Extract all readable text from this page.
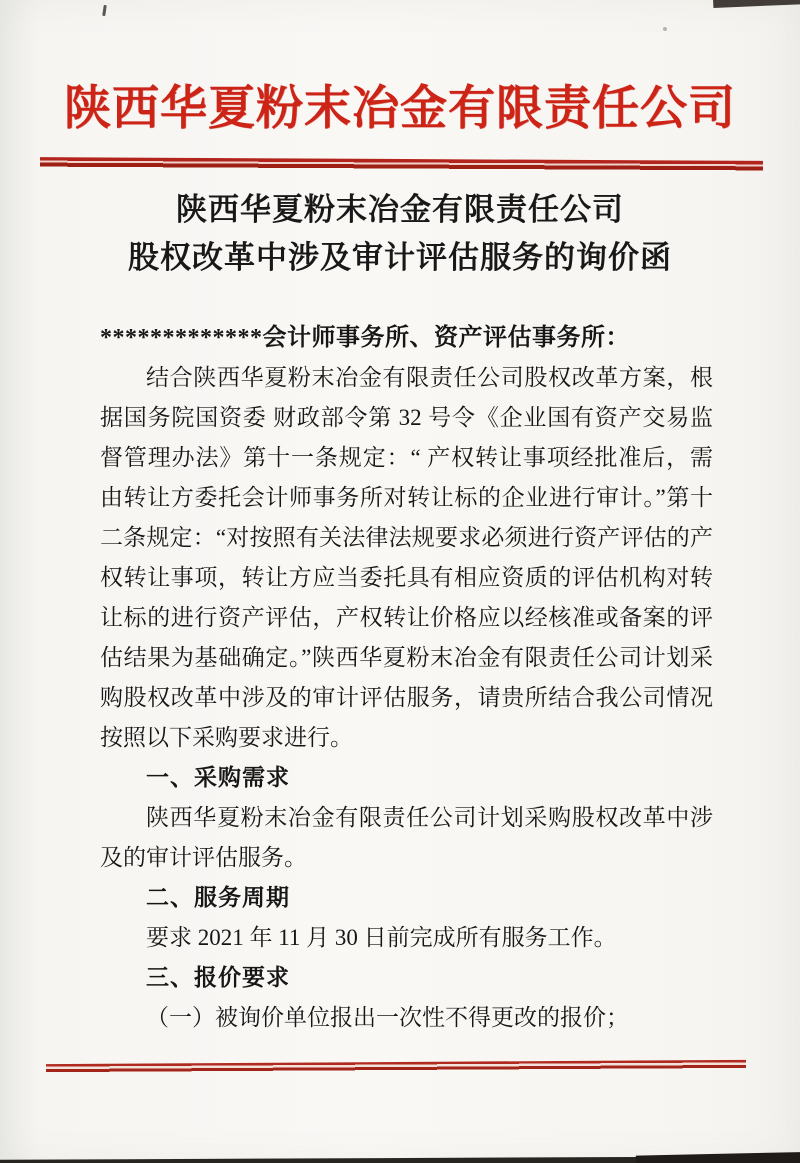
陕西华夏粉末冶金有限责任公司
陕西华夏粉末冶金有限责任公司
股权改革中涉及审计评估服务的询价函

*************会计师事务所、资产评估事务所：

结合陕西华夏粉末冶金有限责任公司股权改革方案，根据国务院国资委 财政部令第 32 号令《企业国有资产交易监督管理办法》第十一条规定：“ 产权转让事项经批准后，需由转让方委托会计师事务所对转让标的企业进行审计。”第十二条规定：“对按照有关法律法规要求必须进行资产评估的产权转让事项，转让方应当委托具有相应资质的评估机构对转让标的进行资产评估，产权转让价格应以经核准或备案的评估结果为基础确定。”陕西华夏粉末冶金有限责任公司计划采购股权改革中涉及的审计评估服务，请贵所结合我公司情况按照以下采购要求进行。

一、采购需求

陕西华夏粉末冶金有限责任公司计划采购股权改革中涉及的审计评估服务。

二、服务周期

要求 2021 年 11 月 30 日前完成所有服务工作。

三、报价要求

（一）被询价单位报出一次性不得更改的报价；
